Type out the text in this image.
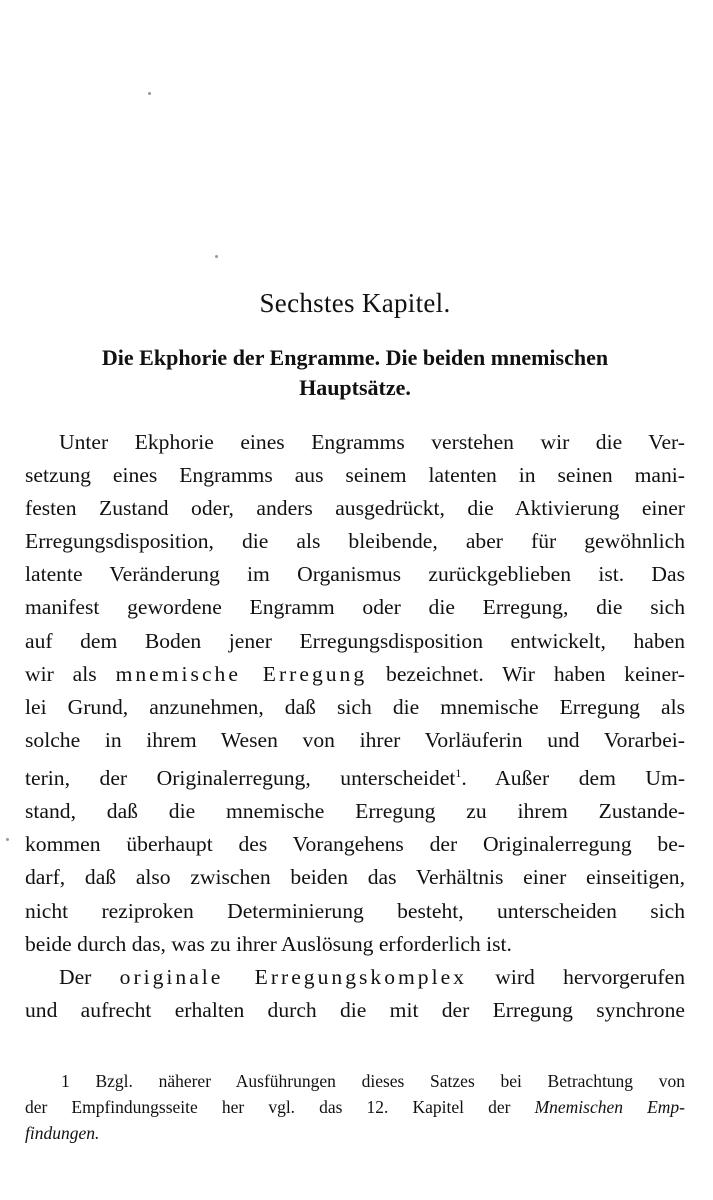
Sechstes Kapitel.
Die Ekphorie der Engramme. Die beiden mnemischen
Hauptsätze.
Unter Ekphorie eines Engramms verstehen wir die Ver-
setzung eines Engramms aus seinem latenten in seinen mani-
festen Zustand oder, anders ausgedrückt, die Aktivierung einer
Erregungsdisposition, die als bleibende, aber für gewöhnlich
latente Veränderung im Organismus zurückgeblieben ist. Das
manifest gewordene Engramm oder die Erregung, die sich
auf dem Boden jener Erregungsdisposition entwickelt, haben
wir als mnemische Erregung bezeichnet. Wir haben keiner-
lei Grund, anzunehmen, daß sich die mnemische Erregung als
solche in ihrem Wesen von ihrer Vorläuferin und Vorarbei-
terin, der Originalerregung, unterscheidet$^1$. Außer dem Um-
stand, daß die mnemische Erregung zu ihrem Zustande-
kommen überhaupt des Vorangehens der Originalerregung be-
darf, daß also zwischen beiden das Verhältnis einer einseitigen,
nicht reziproken Determinierung besteht, unterscheiden sich
beide durch das, was zu ihrer Auslösung erforderlich ist.
Der originale Erregungskomplex wird hervorgerufen
und aufrecht erhalten durch die mit der Erregung synchrone
1 Bzgl. näherer Ausführungen dieses Satzes bei Betrachtung von
der Empfindungsseite her vgl. das 12. Kapitel der Mnemischen Emp-
findungen.
